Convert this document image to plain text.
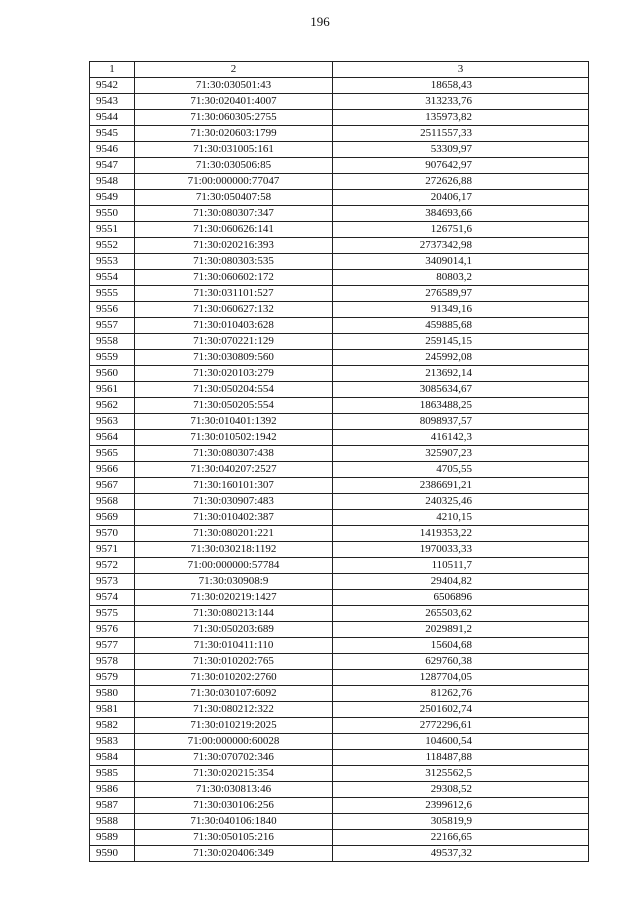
196
1	2	3
9542	71:30:030501:43	18658,43
9543	71:30:020401:4007	313233,76
9544	71:30:060305:2755	135973,82
9545	71:30:020603:1799	2511557,33
9546	71:30:031005:161	53309,97
9547	71:30:030506:85	907642,97
9548	71:00:000000:77047	272626,88
9549	71:30:050407:58	20406,17
9550	71:30:080307:347	384693,66
9551	71:30:060626:141	126751,6
9552	71:30:020216:393	2737342,98
9553	71:30:080303:535	3409014,1
9554	71:30:060602:172	80803,2
9555	71:30:031101:527	276589,97
9556	71:30:060627:132	91349,16
9557	71:30:010403:628	459885,68
9558	71:30:070221:129	259145,15
9559	71:30:030809:560	245992,08
9560	71:30:020103:279	213692,14
9561	71:30:050204:554	3085634,67
9562	71:30:050205:554	1863488,25
9563	71:30:010401:1392	8098937,57
9564	71:30:010502:1942	416142,3
9565	71:30:080307:438	325907,23
9566	71:30:040207:2527	4705,55
9567	71:30:160101:307	2386691,21
9568	71:30:030907:483	240325,46
9569	71:30:010402:387	4210,15
9570	71:30:080201:221	1419353,22
9571	71:30:030218:1192	1970033,33
9572	71:00:000000:57784	110511,7
9573	71:30:030908:9	29404,82
9574	71:30:020219:1427	6506896
9575	71:30:080213:144	265503,62
9576	71:30:050203:689	2029891,2
9577	71:30:010411:110	15604,68
9578	71:30:010202:765	629760,38
9579	71:30:010202:2760	1287704,05
9580	71:30:030107:6092	81262,76
9581	71:30:080212:322	2501602,74
9582	71:30:010219:2025	2772296,61
9583	71:00:000000:60028	104600,54
9584	71:30:070702:346	118487,88
9585	71:30:020215:354	3125562,5
9586	71:30:030813:46	29308,52
9587	71:30:030106:256	2399612,6
9588	71:30:040106:1840	305819,9
9589	71:30:050105:216	22166,65
9590	71:30:020406:349	49537,32
